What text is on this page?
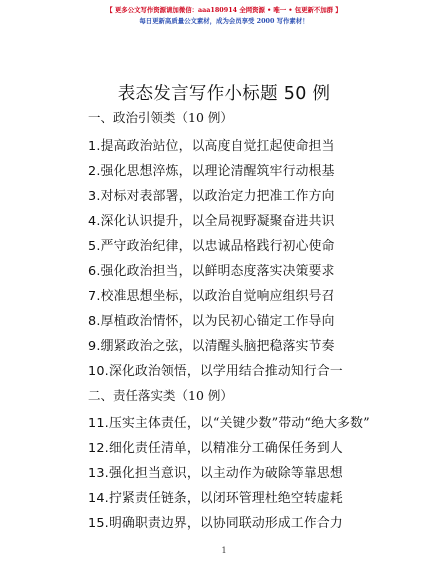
【 更多公文写作资源请加微信：aaa180914 全网资源 • 唯一 • 包更新不加群 】
每日更新高质量公文素材，成为会员享受 2000 写作素材！
表态发言写作小标题 50 例
一、政治引领类（10 例）
1.提高政治站位，以高度自觉扛起使命担当
2.强化思想淬炼，以理论清醒筑牢行动根基
3.对标对表部署，以政治定力把准工作方向
4.深化认识提升，以全局视野凝聚奋进共识
5.严守政治纪律，以忠诚品格践行初心使命
6.强化政治担当，以鲜明态度落实决策要求
7.校准思想坐标，以政治自觉响应组织号召
8.厚植政治情怀，以为民初心锚定工作导向
9.绷紧政治之弦，以清醒头脑把稳落实节奏
10.深化政治领悟，以学用结合推动知行合一
二、责任落实类（10 例）
11.压实主体责任，以“关键少数”带动“绝大多数”
12.细化责任清单，以精准分工确保任务到人
13.强化担当意识，以主动作为破除等靠思想
14.拧紧责任链条，以闭环管理杜绝空转虚耗
15.明确职责边界，以协同联动形成工作合力
1
